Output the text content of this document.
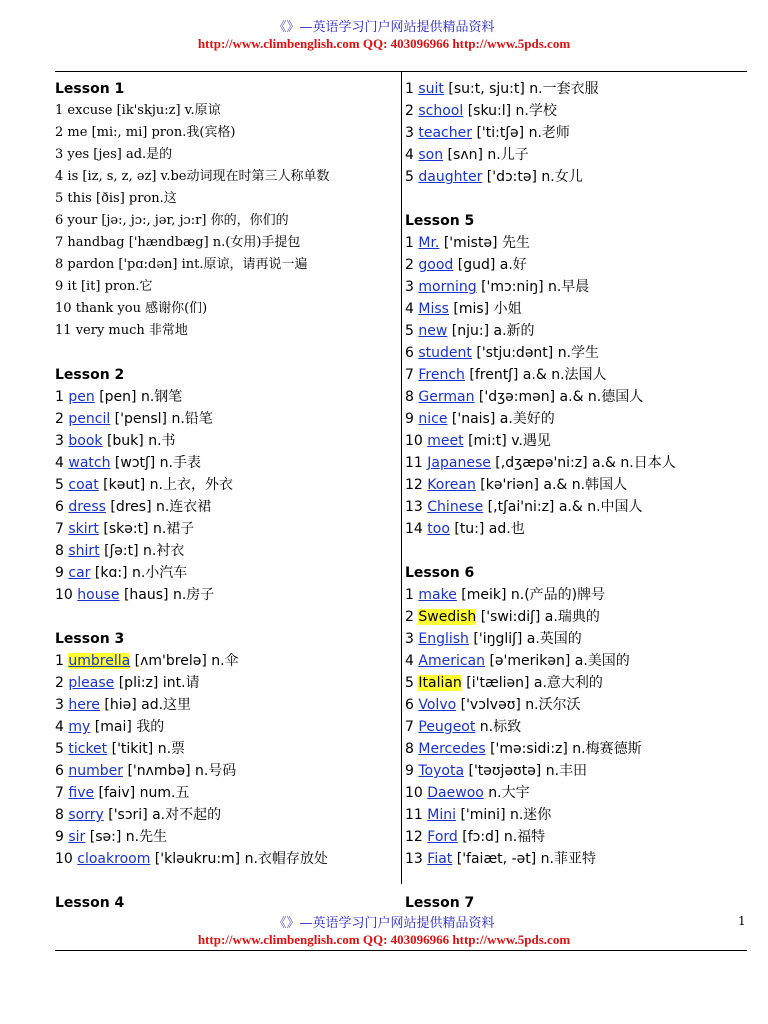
《》—英语学习门户网站提供精品资料
http://www.climbenglish.com QQ: 403096966 http://www.5pds.com
Lesson 1
1 excuse [ik'skju:z] v.原谅
2 me [mi:, mi] pron.我(宾格)
3 yes [jes] ad.是的
4 is [iz, s, z, əz] v.be动词现在时第三人称单数
5 this [ðis] pron.这
6 your [jə:, jɔ:, jər, jɔ:r] 你的，你们的
7 handbag ['hændbæg] n.(女用)手提包
8 pardon ['pɑ:dən] int.原谅，请再说一遍
9 it [it] pron.它
10 thank you 感谢你(们)
11 very much 非常地
Lesson 2
1 pen [pen] n.钢笔
2 pencil ['pensl] n.铅笔
3 book [buk] n.书
4 watch [wɔtʃ] n.手表
5 coat [kəut] n.上衣，外衣
6 dress [dres] n.连衣裙
7 skirt [skə:t] n.裙子
8 shirt [ʃə:t] n.衬衣
9 car [kɑ:] n.小汽车
10 house [haus] n.房子
Lesson 3
1 umbrella [ʌm'brelə] n.伞
2 please [pli:z] int.请
3 here [hiə] ad.这里
4 my [mai] 我的
5 ticket ['tikit] n.票
6 number ['nʌmbə] n.号码
7 five [faiv] num.五
8 sorry ['sɔri] a.对不起的
9 sir [sə:] n.先生
10 cloakroom ['kləukru:m] n.衣帽存放处
Lesson 4
1 suit [su:t, sju:t] n.一套衣服
2 school [sku:l] n.学校
3 teacher ['ti:tʃə] n.老师
4 son [sʌn] n.儿子
5 daughter ['dɔ:tə] n.女儿
Lesson 5
1 Mr. ['mistə] 先生
2 good [gud] a.好
3 morning ['mɔ:niŋ] n.早晨
4 Miss [mis] 小姐
5 new [nju:] a.新的
6 student ['stju:dənt] n.学生
7 French [frentʃ] a.& n.法国人
8 German ['dʒə:mən] a.& n.德国人
9 nice ['nais] a.美好的
10 meet [mi:t] v.遇见
11 Japanese [,dʒæpə'ni:z] a.& n.日本人
12 Korean [kə'riən] a.& n.韩国人
13 Chinese [,tʃai'ni:z] a.& n.中国人
14 too [tu:] ad.也
Lesson 6
1 make [meik] n.(产品的)牌号
2 Swedish ['swi:diʃ] a.瑞典的
3 English ['iŋgliʃ] a.英国的
4 American [ə'merikən] a.美国的
5 Italian [i'tæliən] a.意大利的
6 Volvo ['vɔlvəʊ] n.沃尔沃
7 Peugeot n.标致
8 Mercedes ['mə:sidi:z] n.梅赛德斯
9 Toyota ['təʊjəʊtə] n.丰田
10 Daewoo n.大宇
11 Mini ['mini] n.迷你
12 Ford [fɔ:d] n.福特
13 Fiat ['faiæt, -ət] n.菲亚特
Lesson 7
《》—英语学习门户网站提供精品资料
http://www.climbenglish.com QQ: 403096966 http://www.5pds.com
1
